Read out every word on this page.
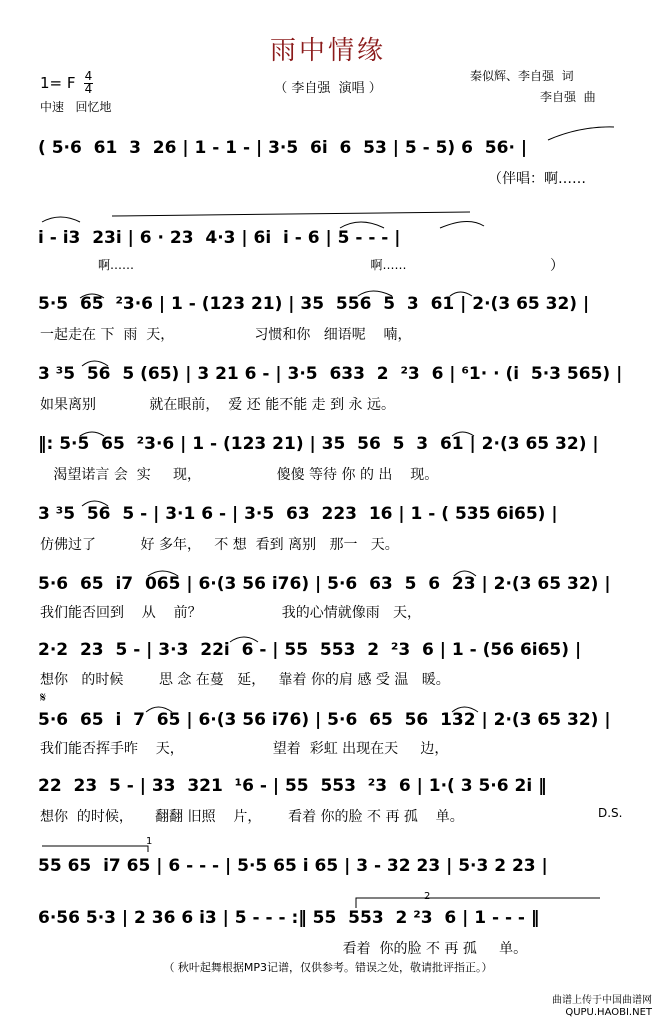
雨中情缘
1= F 4
4
中速   回忆地
（ 李自强  演唱 ）
秦似辉、李自强  词
李自强  曲
( 5·6  61  3  26 | 1 - 1 - | 3·5  6i  6  53 | 5 - 5) 6  56· |
（伴唱：啊……
i - i3  23i | 6 · 23  4·3 | 6i  i - 6 | 5 - - - |
啊……                                                              啊……	）
5·5  65  ²3·6 | 1 - (123 21) | 35  556  5  3  61 | 2·(3 65 32) |
一起走在 下  雨  天，                  习惯和你   细语呢    喃，
3 ³5  56  5 (65) | 3 21 6 - | 3·5  633  2  ²3  6 | ⁶1· · (i  5·3 565) |
如果离别            就在眼前，  爱 还 能不能 走 到 永 远。
‖: 5·5  65  ²3·6 | 1 - (123 21) | 35  56  5  3  61 | 2·(3 65 32) |
渴望诺言 会  实     现，                 傻傻 等待 你 的 出    现。
3 ³5  56  5 - | 3·1 6 - | 3·5  63  223  16 | 1 - ( 535 6i65) |
仿佛过了          好 多年，   不 想  看到 离别   那一   天。
5·6  65  i7  065 | 6·(3 56 i76) | 5·6  63  5  6  23 | 2·(3 65 32) |
我们能否回到    从    前？                  我的心情就像雨   天，
2·2  23  5 - | 3·3  22i  6 - | 55  553  2  ²3  6 | 1 - (56 6i65) |
想你   的时候        思 念 在蔓   延，   靠着 你的肩 感 受 温   暖。
𝄋
5·6  65  i  7  65 | 6·(3 56 i76) | 5·6  65  56  132 | 2·(3 65 32) |
我们能否挥手昨    天，                    望着  彩虹 出现在天     边，
22  23  5 - | 33  321  ¹6 - | 55  553  ²3  6 | 1·( 3 5·6 2i ‖
想你  的时候，     翻翻 旧照    片，      看着 你的脸 不 再 孤    单。	D.S.
1
55 65  i7 65 | 6 - - - | 5·5 65 i 65 | 3 - 32 23 | 5·3 2 23 |
2
6·56 5·3 | 2 36 6 i3 | 5 - - - :‖ 55  553  2 ²3  6 | 1 - - - ‖
看着  你的脸 不 再 孤     单。
（ 秋叶起舞根据MP3记谱，仅供参考。错误之处，敬请批评指正。）
曲谱上传于中国曲谱网
QUPU.HAOBI.NET
